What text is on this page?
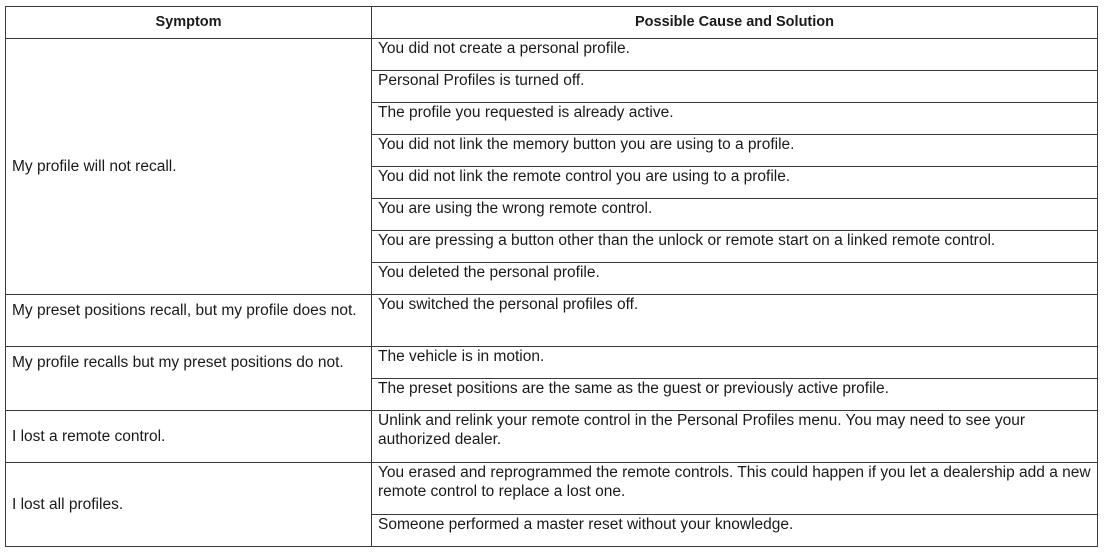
Symptom	Possible Cause and Solution
My profile will not recall.	You did not create a personal profile.
	Personal Profiles is turned off.
	The profile you requested is already active.
	You did not link the memory button you are using to a profile.
	You did not link the remote control you are using to a profile.
	You are using the wrong remote control.
	You are pressing a button other than the unlock or remote start on a linked remote control.
	You deleted the personal profile.
My preset positions recall, but my profile does not.	You switched the personal profiles off.
My profile recalls but my preset positions do not.	The vehicle is in motion.
	The preset positions are the same as the guest or previously active profile.
I lost a remote control.	Unlink and relink your remote control in the Personal Profiles menu. You may need to see your authorized dealer.
I lost all profiles.	You erased and reprogrammed the remote controls. This could happen if you let a dealership add a new remote control to replace a lost one.
	Someone performed a master reset without your knowledge.
